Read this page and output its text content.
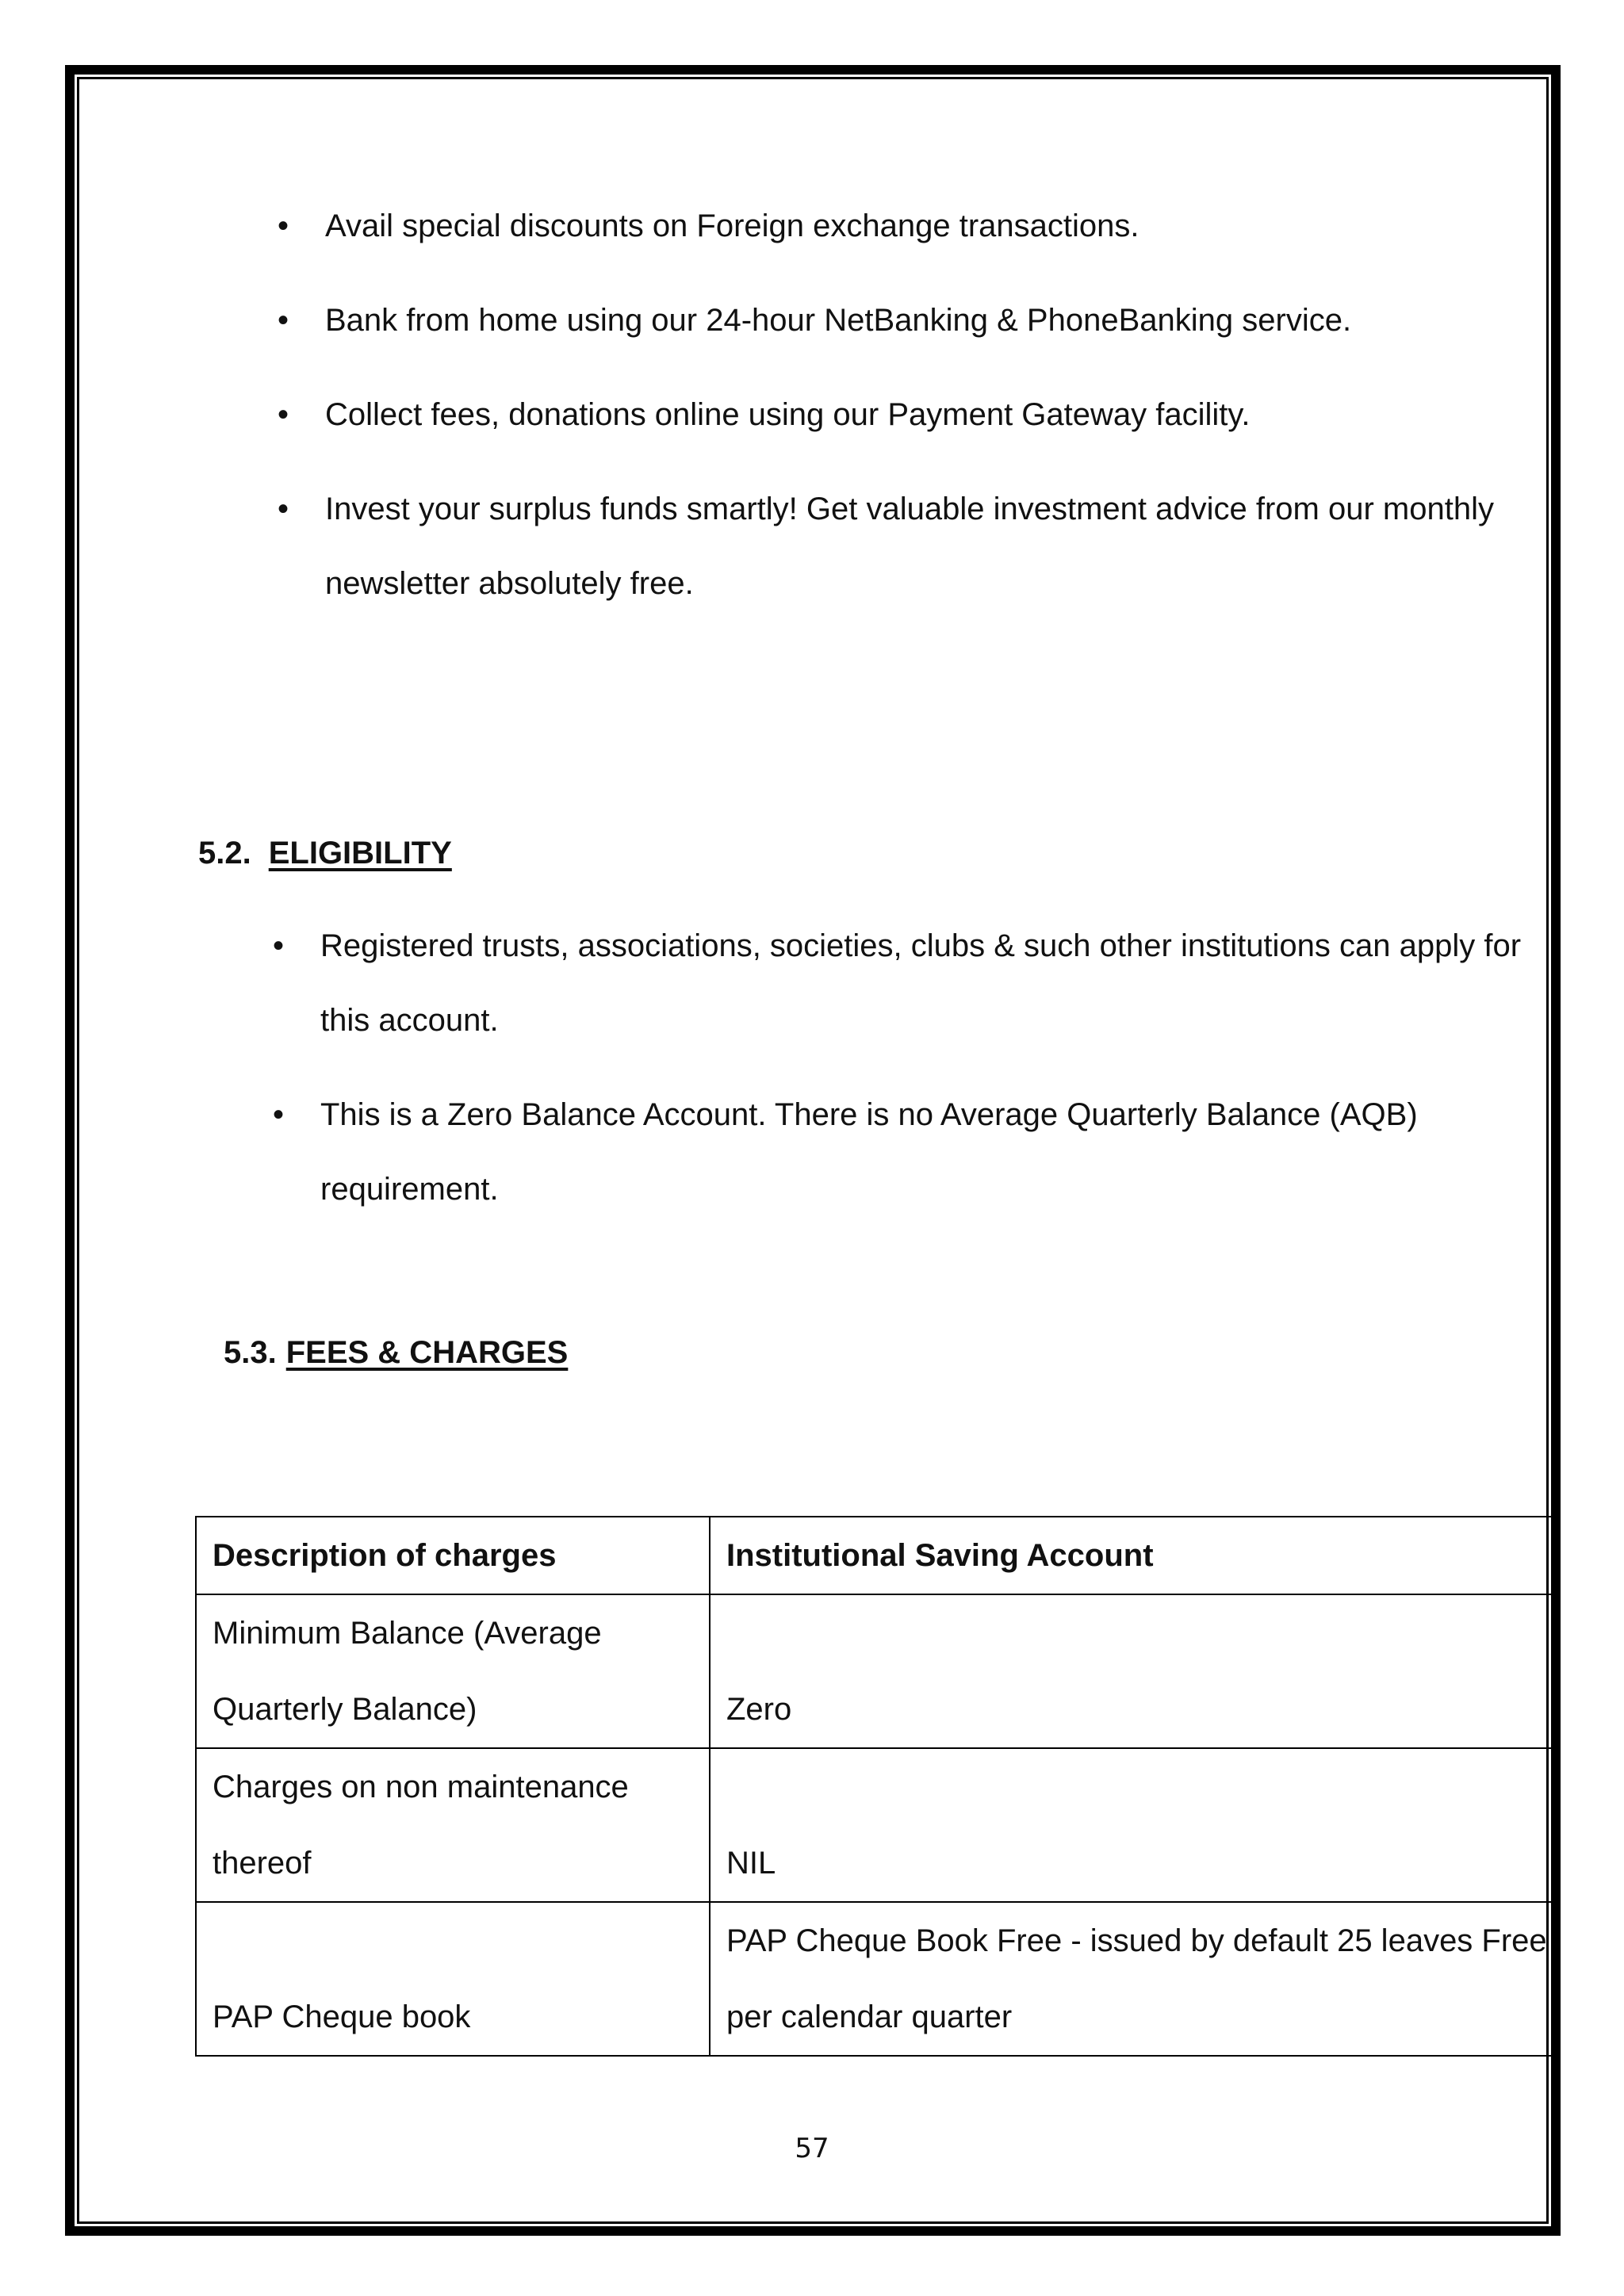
• Avail special discounts on Foreign exchange transactions.
• Bank from home using our 24-hour NetBanking & PhoneBanking service.
• Collect fees, donations online using our Payment Gateway facility.
• Invest your surplus funds smartly! Get valuable investment advice from our monthly newsletter absolutely free.
5.2. ELIGIBILITY
• Registered trusts, associations, societies, clubs & such other institutions can apply for this account.
• This is a Zero Balance Account. There is no Average Quarterly Balance (AQB) requirement.
5.3. FEES & CHARGES
Description of charges	Institutional Saving Account
Minimum Balance (Average Quarterly Balance)	Zero
Charges on non maintenance thereof	NIL
PAP Cheque book	PAP Cheque Book Free - issued by default 25 leaves Free per calendar quarter
57
